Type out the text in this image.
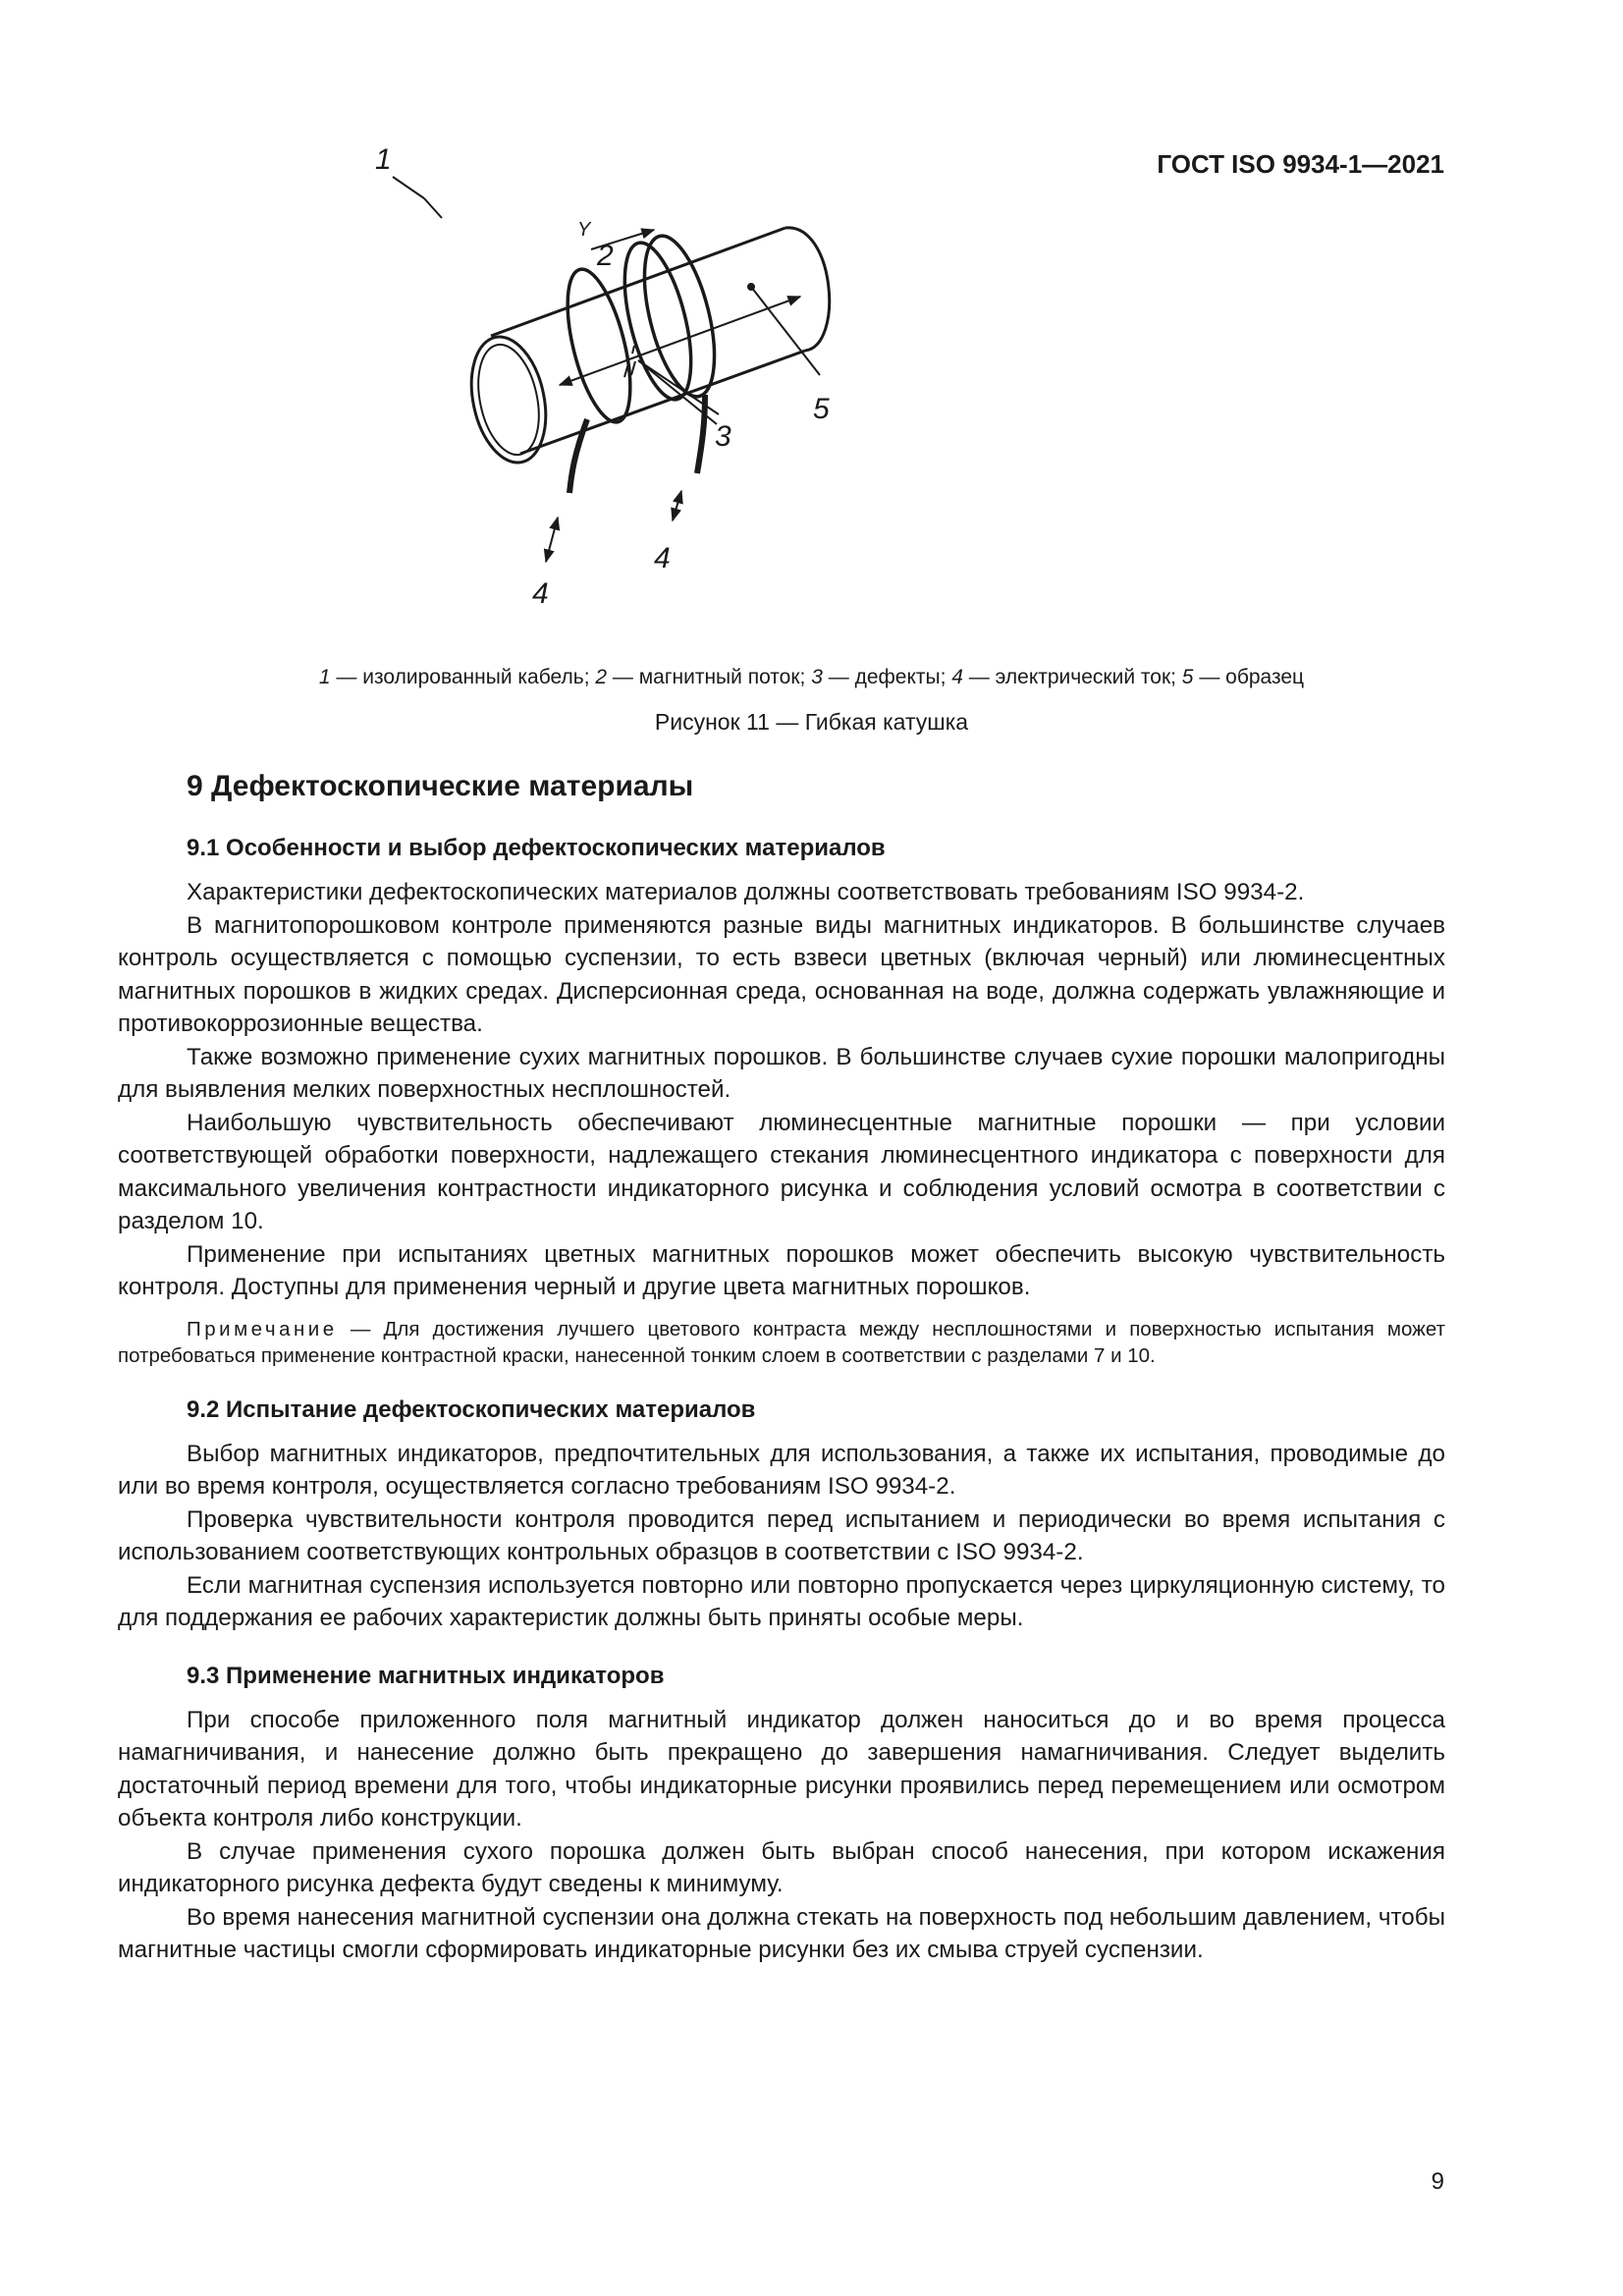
ГОСТ ISO 9934-1—2021
1
2
3
4
4
5
Y
1 — изолированный кабель; 2 — магнитный поток; 3 — дефекты; 4 — электрический ток; 5 — образец
Рисунок 11 — Гибкая катушка
9 Дефектоскопические материалы
9.1 Особенности и выбор дефектоскопических материалов

Характеристики дефектоскопических материалов должны соответствовать требованиям ISO 9934-2.

В магнитопорошковом контроле применяются разные виды магнитных индикаторов. В большинстве случаев контроль осуществляется с помощью суспензии, то есть взвеси цветных (включая черный) или люминесцентных магнитных порошков в жидких средах. Дисперсионная среда, основанная на воде, должна содержать увлажняющие и противокоррозионные вещества.

Также возможно применение сухих магнитных порошков. В большинстве случаев сухие порошки малопригодны для выявления мелких поверхностных несплошностей.

Наибольшую чувствительность обеспечивают люминесцентные магнитные порошки — при условии соответствующей обработки поверхности, надлежащего стекания люминесцентного индикатора с поверхности для максимального увеличения контрастности индикаторного рисунка и соблюдения условий осмотра в соответствии с разделом 10.

Применение при испытаниях цветных магнитных порошков может обеспечить высокую чувствительность контроля. Доступны для применения черный и другие цвета магнитных порошков.

Примечание — Для достижения лучшего цветового контраста между несплошностями и поверхностью испытания может потребоваться применение контрастной краски, нанесенной тонким слоем в соответствии с разделами 7 и 10.

9.2 Испытание дефектоскопических материалов

Выбор магнитных индикаторов, предпочтительных для использования, а также их испытания, проводимые до или во время контроля, осуществляется согласно требованиям ISO 9934-2.

Проверка чувствительности контроля проводится перед испытанием и периодически во время испытания с использованием соответствующих контрольных образцов в соответствии с ISO 9934-2.

Если магнитная суспензия используется повторно или повторно пропускается через циркуляционную систему, то для поддержания ее рабочих характеристик должны быть приняты особые меры.

9.3 Применение магнитных индикаторов

При способе приложенного поля магнитный индикатор должен наноситься до и во время процесса намагничивания, и нанесение должно быть прекращено до завершения намагничивания. Следует выделить достаточный период времени для того, чтобы индикаторные рисунки проявились перед перемещением или осмотром объекта контроля либо конструкции.

В случае применения сухого порошка должен быть выбран способ нанесения, при котором искажения индикаторного рисунка дефекта будут сведены к минимуму.

Во время нанесения магнитной суспензии она должна стекать на поверхность под небольшим давлением, чтобы магнитные частицы смогли сформировать индикаторные рисунки без их смыва струей суспензии.

9
